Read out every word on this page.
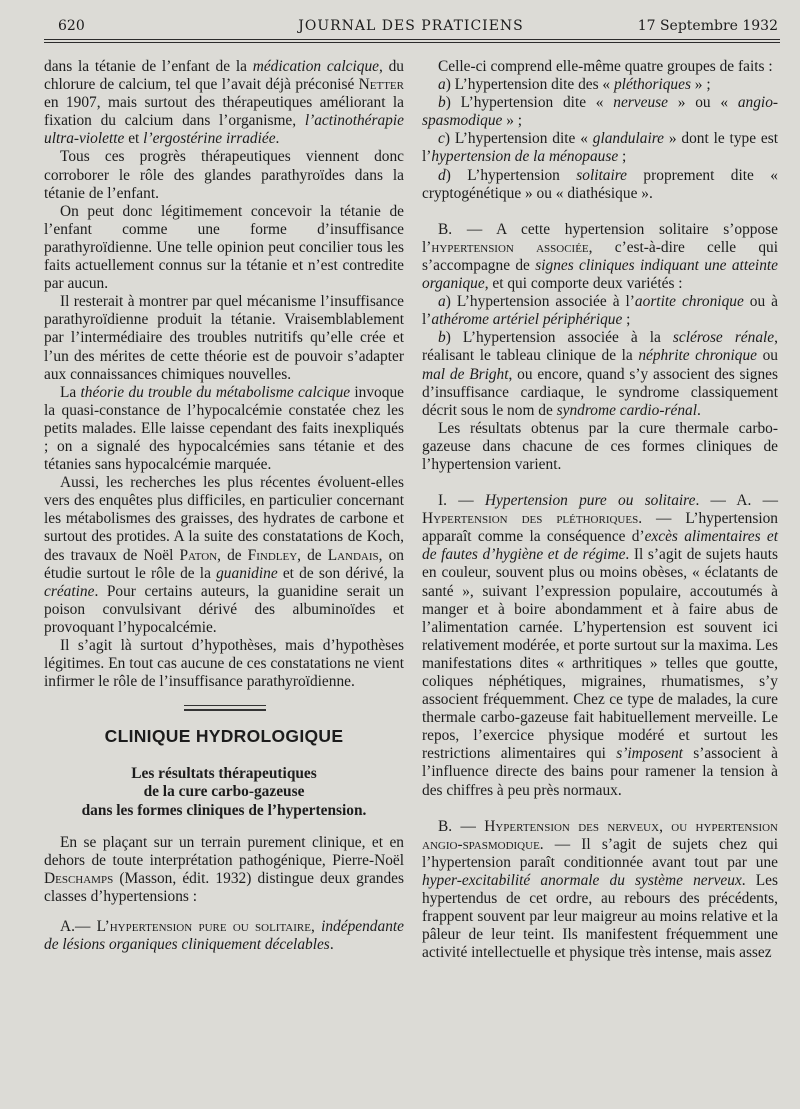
620	JOURNAL DES PRATICIENS	17 Septembre 1932

dans la tétanie de l’enfant de la médication calcique, du chlorure de calcium, tel que l’avait déjà préconisé Netter en 1907, mais surtout des thérapeutiques améliorant la fixation du calcium dans l’organisme, l’actinothérapie ultra-violette et l’ergostérine irradiée.

Tous ces progrès thérapeutiques viennent donc corroborer le rôle des glandes parathyroïdes dans la tétanie de l’enfant.

On peut donc légitimement concevoir la tétanie de l’enfant comme une forme d’insuffisance parathyroïdienne. Une telle opinion peut concilier tous les faits actuellement connus sur la tétanie et n’est contredite par aucun.

Il resterait à montrer par quel mécanisme l’insuffisance parathyroïdienne produit la tétanie. Vraisemblablement par l’intermédiaire des troubles nutritifs qu’elle crée et l’un des mérites de cette théorie est de pouvoir s’adapter aux connaissances chimiques nouvelles.

La théorie du trouble du métabolisme calcique invoque la quasi-constance de l’hypocalcémie constatée chez les petits malades. Elle laisse cependant des faits inexpliqués ; on a signalé des hypocalcémies sans tétanie et des tétanies sans hypocalcémie marquée.

Aussi, les recherches les plus récentes évoluent-elles vers des enquêtes plus difficiles, en particulier concernant les métabolismes des graisses, des hydrates de carbone et surtout des protides. A la suite des constatations de Koch, des travaux de Noël Paton, de Findley, de Landais, on étudie surtout le rôle de la guanidine et de son dérivé, la créatine. Pour certains auteurs, la guanidine serait un poison convulsivant dérivé des albuminoïdes et provoquant l’hypocalcémie.

Il s’agit là surtout d’hypothèses, mais d’hypothèses légitimes. En tout cas aucune de ces constatations ne vient infirmer le rôle de l’insuffisance parathyroïdienne.

CLINIQUE HYDROLOGIQUE
Les résultats thérapeutiques
de la cure carbo-gazeuse
dans les formes cliniques de l’hypertension.

En se plaçant sur un terrain purement clinique, et en dehors de toute interprétation pathogénique, Pierre-Noël Deschamps (Masson, édit. 1932) distingue deux grandes classes d’hypertensions :

A.— L’hypertension pure ou solitaire, indépendante de lésions organiques cliniquement décelables.

Celle-ci comprend elle-même quatre groupes de faits :

a) L’hypertension dite des « pléthoriques » ;

b) L’hypertension dite « nerveuse » ou « angio-spasmodique » ;

c) L’hypertension dite « glandulaire » dont le type est l’hypertension de la ménopause ;

d) L’hypertension solitaire proprement dite « cryptogénétique » ou « diathésique ».

B. — A cette hypertension solitaire s’oppose l’hypertension associée, c’est-à-dire celle qui s’accompagne de signes cliniques indiquant une atteinte organique, et qui comporte deux variétés :

a) L’hypertension associée à l’aortite chronique ou à l’athérome artériel périphérique ;

b) L’hypertension associée à la sclérose rénale, réalisant le tableau clinique de la néphrite chronique ou mal de Bright, ou encore, quand s’y associent des signes d’insuffisance cardiaque, le syndrome classiquement décrit sous le nom de syndrome cardio-rénal.

Les résultats obtenus par la cure thermale carbo-gazeuse dans chacune de ces formes cliniques de l’hypertension varient.

I. — Hypertension pure ou solitaire. — A. — Hypertension des pléthoriques. — L’hypertension apparaît comme la conséquence d’excès alimentaires et de fautes d’hygiène et de régime. Il s’agit de sujets hauts en couleur, souvent plus ou moins obèses, « éclatants de santé », suivant l’expression populaire, accoutumés à manger et à boire abondamment et à faire abus de l’alimentation carnée. L’hypertension est souvent ici relativement modérée, et porte surtout sur la maxima. Les manifestations dites « arthritiques » telles que goutte, coliques néphétiques, migraines, rhumatismes, s’y associent fréquemment. Chez ce type de malades, la cure thermale carbo-gazeuse fait habituellement merveille. Le repos, l’exercice physique modéré et surtout les restrictions alimentaires qui s’imposent s’associent à l’influence directe des bains pour ramener la tension à des chiffres à peu près normaux.

B. — Hypertension des nerveux, ou hypertension angio-spasmodique. — Il s’agit de sujets chez qui l’hypertension paraît conditionnée avant tout par une hyper-excitabilité anormale du système nerveux. Les hypertendus de cet ordre, au rebours des précédents, frappent souvent par leur maigreur au moins relative et la pâleur de leur teint. Ils manifestent fréquemment une activité intellectuelle et physique très intense, mais assez
